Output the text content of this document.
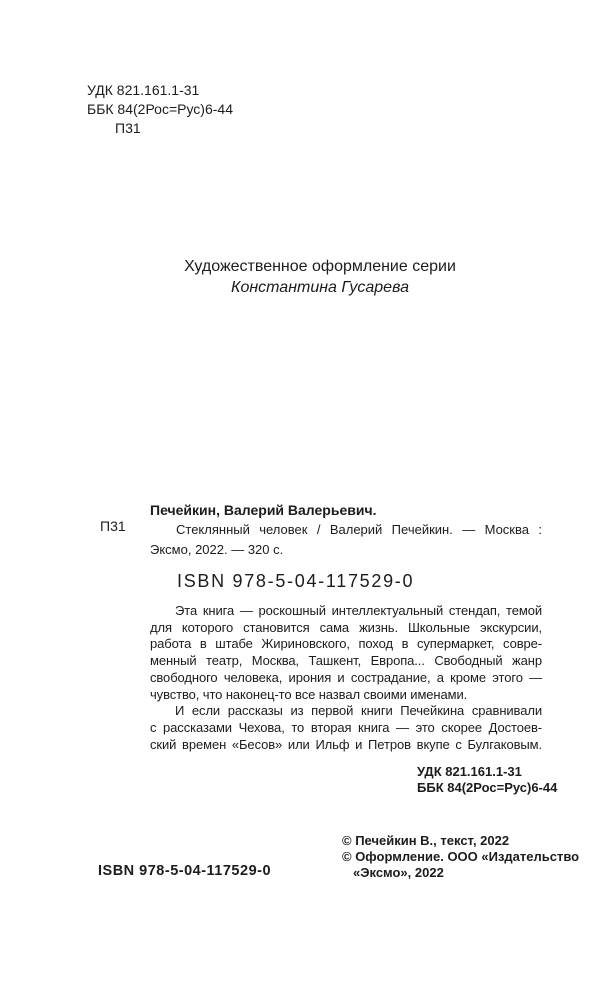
УДК 821.161.1-31
ББК 84(2Рос=Рус)6-44
П31
Художественное оформление серии
Константина Гусарева
П31
Печейкин, Валерий Валерьевич.
Стеклянный человек / Валерий Печейкин. — Москва :
Эксмо, 2022. — 320 с.
ISBN 978-5-04-117529-0
Эта книга — роскошный интеллектуальный стендап, темой
для которого становится сама жизнь. Школьные экскурсии,
работа в штабе Жириновского, поход в супермаркет, совре-
менный театр, Москва, Ташкент, Европа... Свободный жанр
свободного человека, ирония и сострадание, а кроме этого —
чувство, что наконец-то все назвал своими именами.
И если рассказы из первой книги Печейкина сравнивали
с рассказами Чехова, то вторая книга — это скорее Достоев-
ский времен «Бесов» или Ильф и Петров вкупе с Булгаковым.
УДК 821.161.1-31
ББК 84(2Рос=Рус)6-44
© Печейкин В., текст, 2022
© Оформление. ООО «Издательство
«Эксмо», 2022
ISBN 978-5-04-117529-0
